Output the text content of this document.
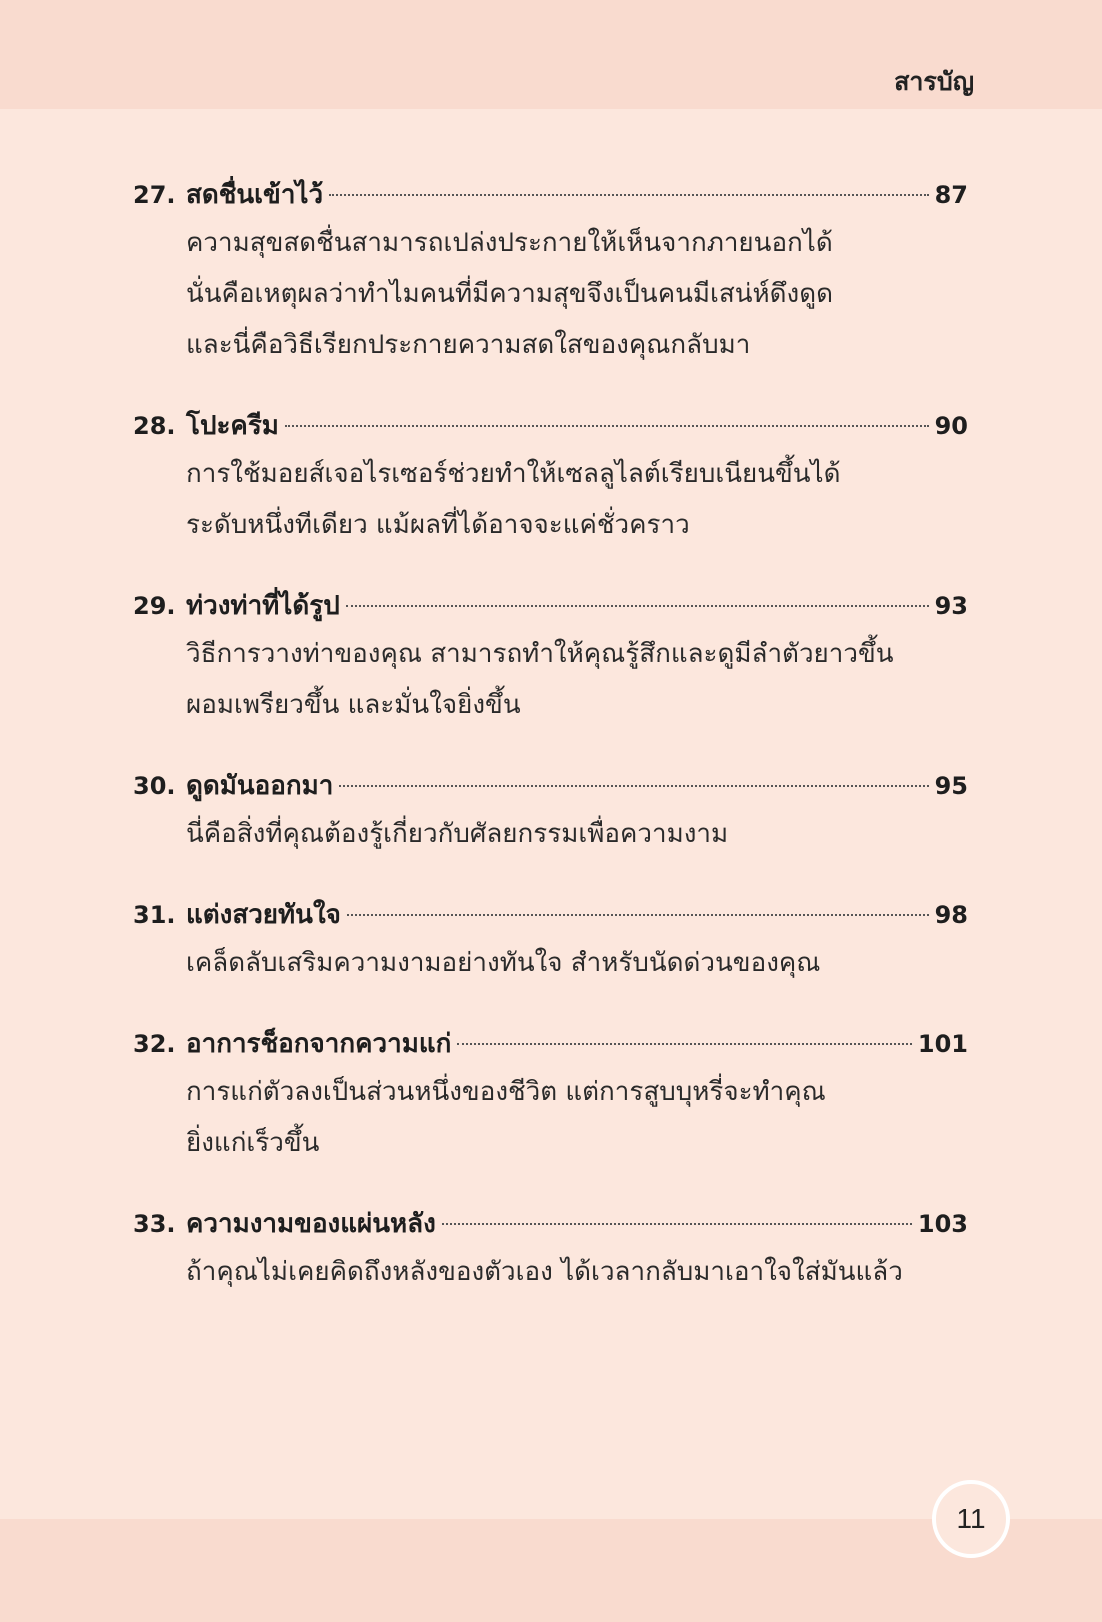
สารบัญ
27. สดชื่นเข้าไว้	87
ความสุขสดชื่นสามารถเปล่งประกายให้เห็นจากภายนอกได้
นั่นคือเหตุผลว่าทำไมคนที่มีความสุขจึงเป็นคนมีเสน่ห์ดึงดูด
และนี่คือวิธีเรียกประกายความสดใสของคุณกลับมา
28. โปะครีม	90
การใช้มอยส์เจอไรเซอร์ช่วยทำให้เซลลูไลต์เรียบเนียนขึ้นได้
ระดับหนึ่งทีเดียว แม้ผลที่ได้อาจจะแค่ชั่วคราว
29. ท่วงท่าที่ได้รูป	93
วิธีการวางท่าของคุณ สามารถทำให้คุณรู้สึกและดูมีลำตัวยาวขึ้น
ผอมเพรียวขึ้น และมั่นใจยิ่งขึ้น
30. ดูดมันออกมา	95
นี่คือสิ่งที่คุณต้องรู้เกี่ยวกับศัลยกรรมเพื่อความงาม
31. แต่งสวยทันใจ	98
เคล็ดลับเสริมความงามอย่างทันใจ สำหรับนัดด่วนของคุณ
32. อาการช็อกจากความแก่	101
การแก่ตัวลงเป็นส่วนหนึ่งของชีวิต แต่การสูบบุหรี่จะทำคุณ
ยิ่งแก่เร็วขึ้น
33. ความงามของแผ่นหลัง	103
ถ้าคุณไม่เคยคิดถึงหลังของตัวเอง ได้เวลากลับมาเอาใจใส่มันแล้ว
11
